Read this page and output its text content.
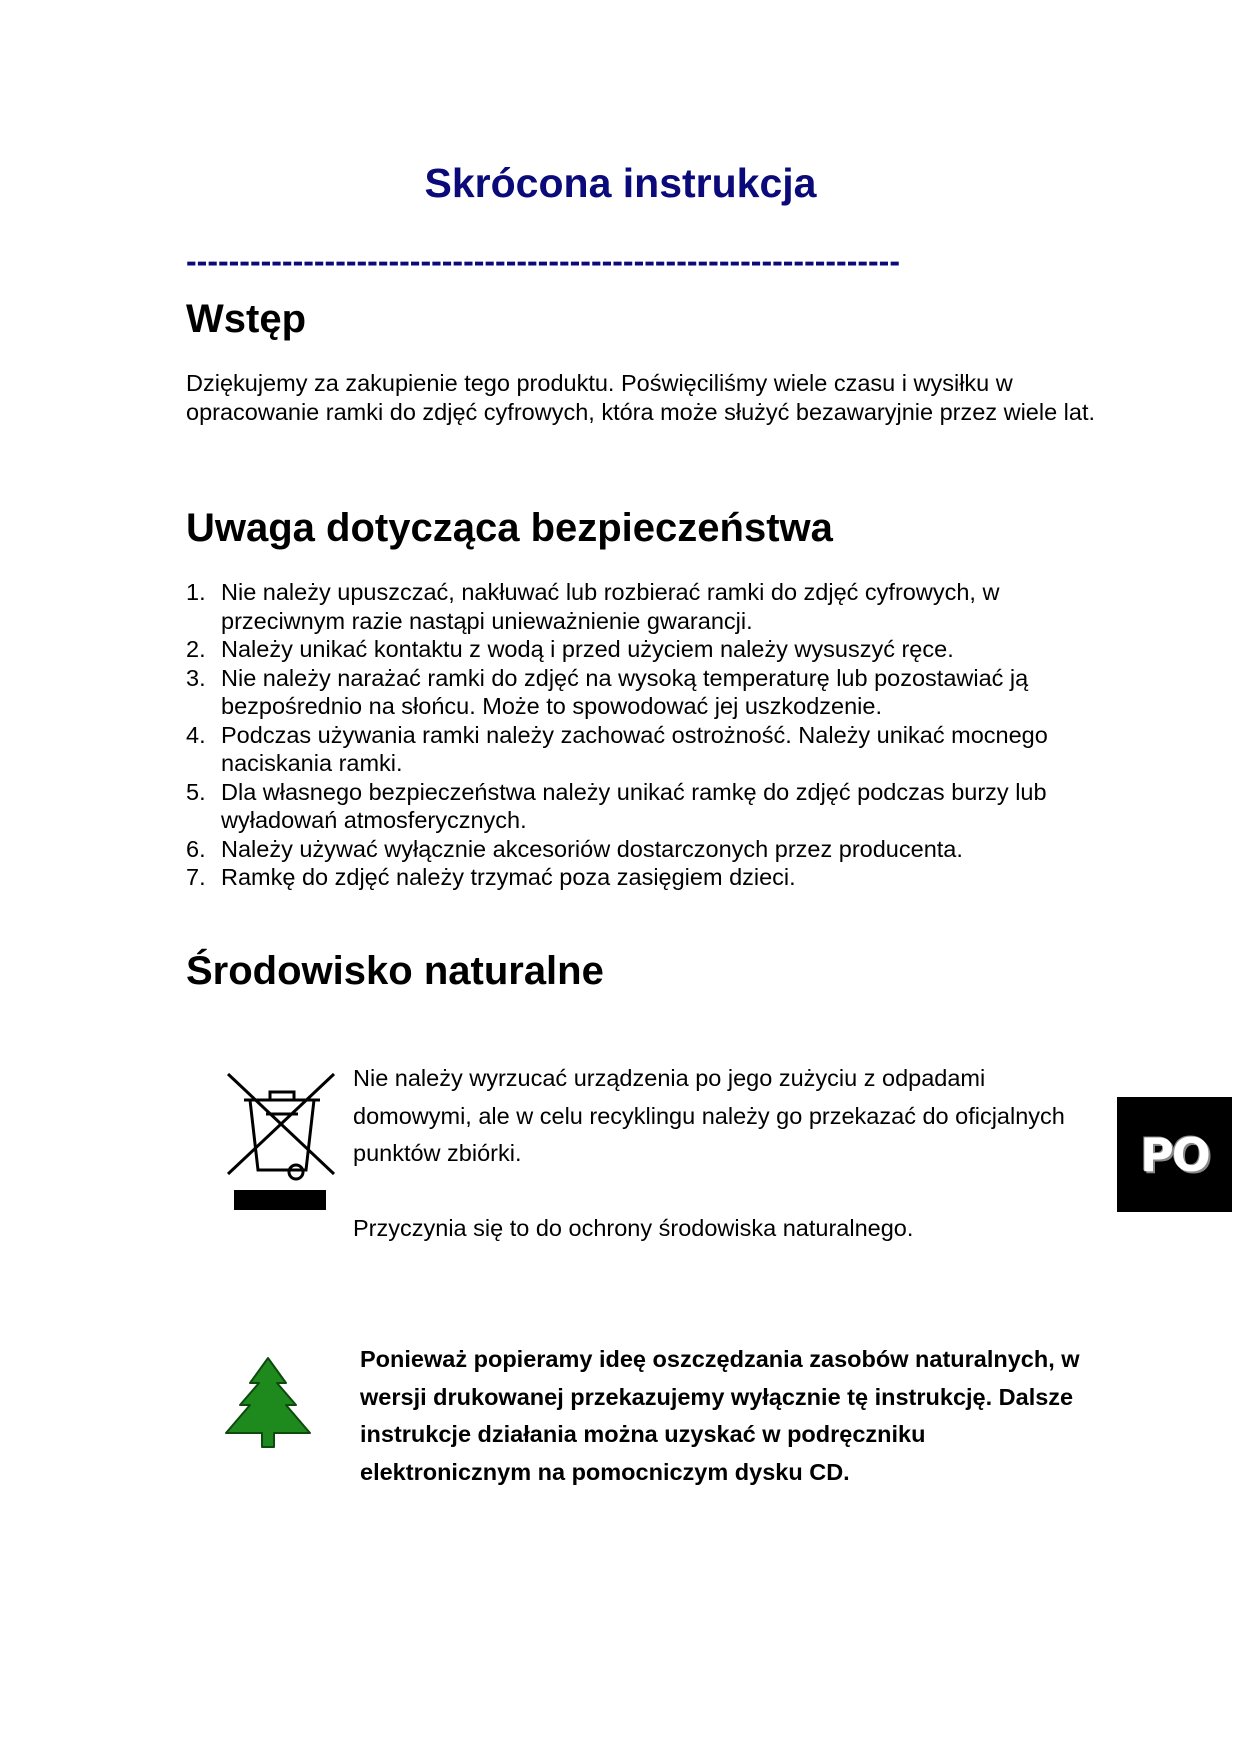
Skrócona instrukcja

-------------------------------------------------------------------

Wstęp

Dziękujemy za zakupienie tego produktu. Poświęciliśmy wiele czasu i wysiłku w opracowanie ramki do zdjęć cyfrowych, która może służyć bezawaryjnie przez wiele lat.

Uwaga dotycząca bezpieczeństwa
1. Nie należy upuszczać, nakłuwać lub rozbierać ramki do zdjęć cyfrowych, w przeciwnym razie nastąpi unieważnienie gwarancji.
2. Należy unikać kontaktu z wodą i przed użyciem należy wysuszyć ręce.
3. Nie należy narażać ramki do zdjęć na wysoką temperaturę lub pozostawiać ją bezpośrednio na słońcu. Może to spowodować jej uszkodzenie.
4. Podczas używania ramki należy zachować ostrożność. Należy unikać mocnego naciskania ramki.
5. Dla własnego bezpieczeństwa należy unikać ramkę do zdjęć podczas burzy lub wyładowań atmosferycznych.
6. Należy używać wyłącznie akcesoriów dostarczonych przez producenta.
7. Ramkę do zdjęć należy trzymać poza zasięgiem dzieci.
Środowisko naturalne

Nie należy wyrzucać urządzenia po jego zużyciu z odpadami domowymi, ale w celu recyklingu należy go przekazać do oficjalnych punktów zbiórki.

Przyczynia się to do ochrony środowiska naturalnego.

Ponieważ popieramy ideę oszczędzania zasobów naturalnych, w wersji drukowanej przekazujemy wyłącznie tę instrukcję. Dalsze instrukcje działania można uzyskać w podręczniku elektronicznym na pomocniczym dysku CD.

PO
